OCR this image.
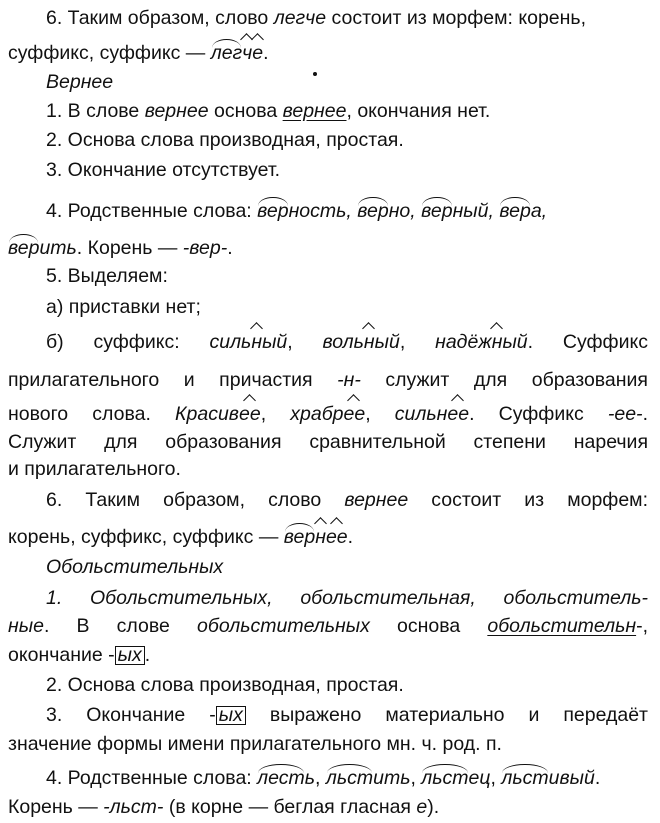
6. Таким образом, слово легче состоит из морфем: корень,
суффикс, суффикс — легче.
Вернее
1. В слове вернее основа вернее, окончания нет.
2. Основа слова производная, простая.
3. Окончание отсутствует.
4. Родственные слова: верность, верно, верный, вера,
верить. Корень — -вер-.
5. Выделяем:
а) приставки нет;
б) суффикс: сильный, вольный, надёжный. Суффикс
прилагательного и причастия -н- служит для образования
нового слова. Красивее, храбрее, сильнее. Суффикс -ее-.
Служит для образования сравнительной степени наречия
и прилагательного.
6. Таким образом, слово вернее состоит из морфем:
корень, суффикс, суффикс — вернее.
Обольстительных
1. Обольстительных, обольстительная, обольститель-
ные. В слове обольстительных основа обольстительн-,
окончание - ых .
2. Основа слова производная, простая.
3. Окончание - ых выражено материально и передаёт
значение формы имени прилагательного мн. ч. род. п.
4. Родственные слова: лесть, льстить, льстец, льстивый.
Корень — -льст- (в корне — беглая гласная е).
